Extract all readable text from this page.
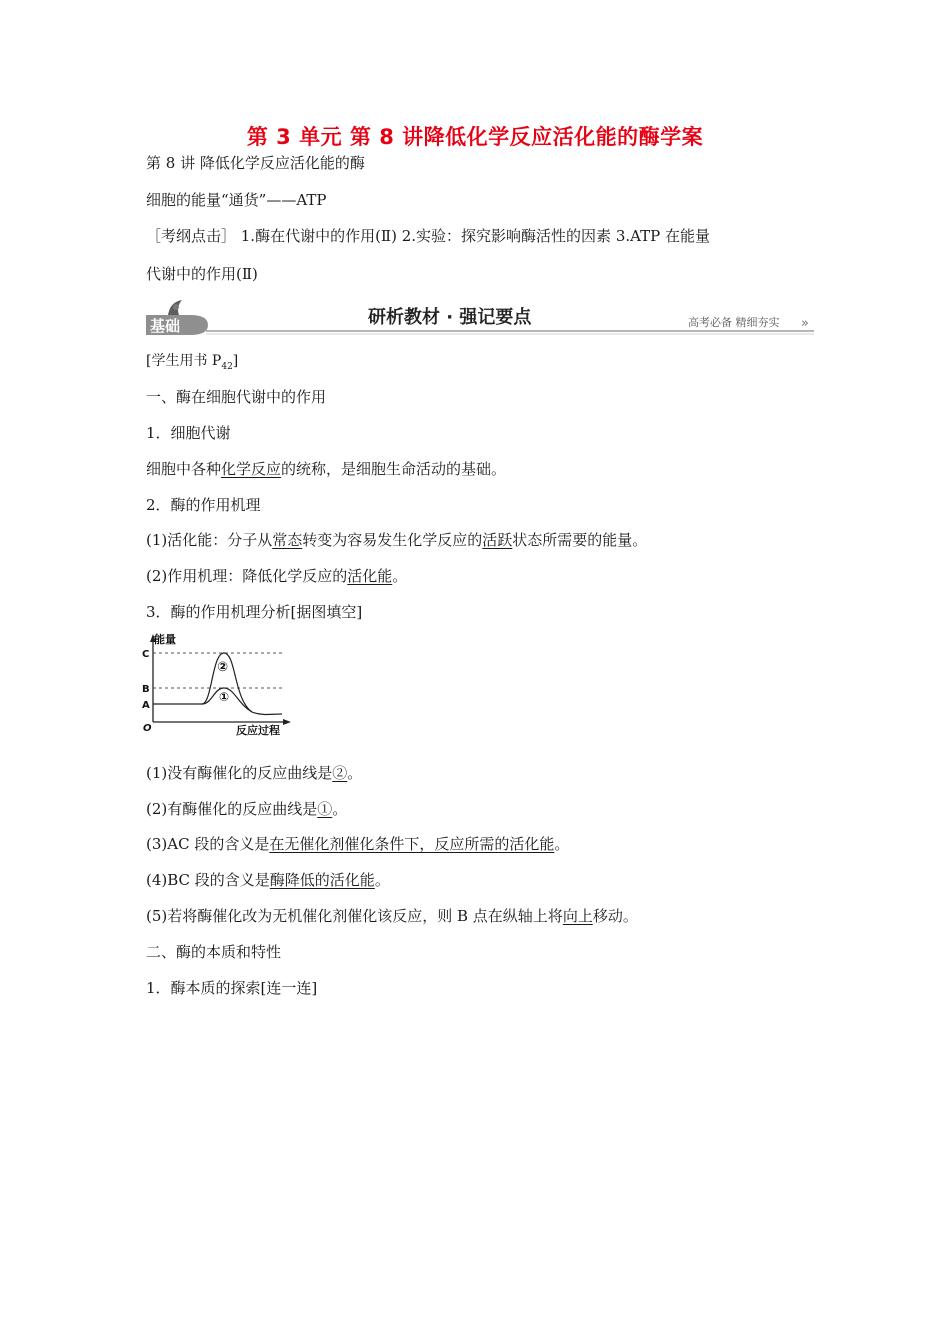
第 3 单元 第 8 讲降低化学反应活化能的酶学案
第 8 讲 降低化学反应活化能的酶
细胞的能量“通货”——ATP
［考纲点击］ 1.酶在代谢中的作用(Ⅱ) 2.实验：探究影响酶活性的因素 3.ATP 在能量
代谢中的作用(Ⅱ)
基础	研析教材 · 强记要点	高考必备 精细夯实 »
[学生用书 $P_{42}$]
一、酶在细胞代谢中的作用
1．细胞代谢
细胞中各种化学反应的统称，是细胞生命活动的基础。
2．酶的作用机理
(1)活化能：分子从常态转变为容易发生化学反应的活跃状态所需要的能量。
(2)作用机理：降低化学反应的活化能。
3．酶的作用机理分析[据图填空]
能量
C
B
A
O	反应过程
②
①
(1)没有酶催化的反应曲线是②。
(2)有酶催化的反应曲线是①。
(3)AC 段的含义是在无催化剂催化条件下，反应所需的活化能。
(4)BC 段的含义是酶降低的活化能。
(5)若将酶催化改为无机催化剂催化该反应，则 B 点在纵轴上将向上移动。
二、酶的本质和特性
1．酶本质的探索[连一连]
